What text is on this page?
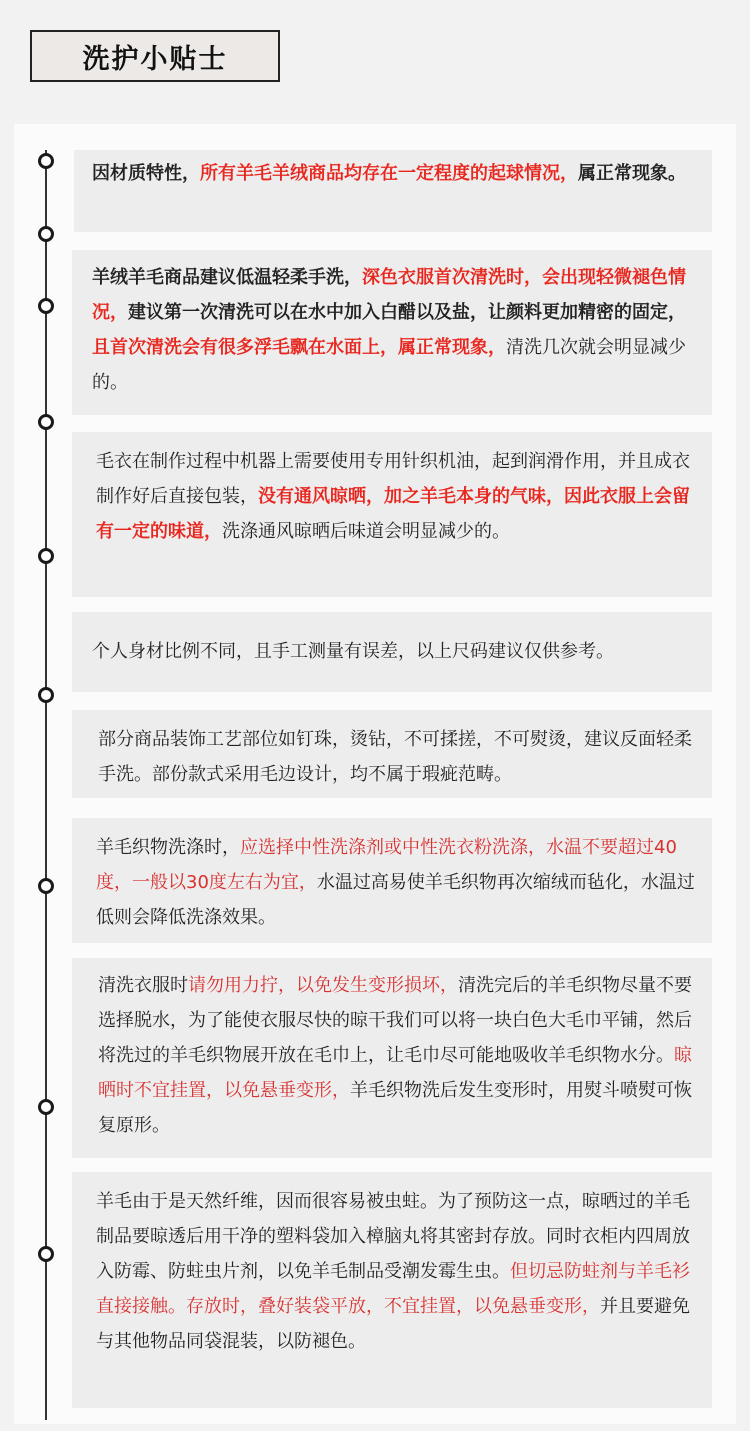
洗护小贴士

因材质特性，所有羊毛羊绒商品均存在一定程度的起球情况，属正常现象。

羊绒羊毛商品建议低温轻柔手洗，深色衣服首次清洗时，会出现轻微褪色情况，建议第一次清洗可以在水中加入白醋以及盐，让颜料更加精密的固定，且首次清洗会有很多浮毛飘在水面上，属正常现象，清洗几次就会明显减少的。

毛衣在制作过程中机器上需要使用专用针织机油，起到润滑作用，并且成衣制作好后直接包装，没有通风晾晒，加之羊毛本身的气味，因此衣服上会留有一定的味道，洗涤通风晾晒后味道会明显减少的。

个人身材比例不同，且手工测量有误差，以上尺码建议仅供参考。

部分商品装饰工艺部位如钉珠，烫钻，不可揉搓，不可熨烫，建议反面轻柔手洗。部份款式采用毛边设计，均不属于瑕疵范畴。

羊毛织物洗涤时，应选择中性洗涤剂或中性洗衣粉洗涤，水温不要超过40度，一般以30度左右为宜，水温过高易使羊毛织物再次缩绒而毡化，水温过低则会降低洗涤效果。

清洗衣服时请勿用力拧，以免发生变形损坏，清洗完后的羊毛织物尽量不要选择脱水，为了能使衣服尽快的晾干我们可以将一块白色大毛巾平铺，然后将洗过的羊毛织物展开放在毛巾上，让毛巾尽可能地吸收羊毛织物水分。晾晒时不宜挂置，以免悬垂变形，羊毛织物洗后发生变形时，用熨斗喷熨可恢复原形。

羊毛由于是天然纤维，因而很容易被虫蛀。为了预防这一点，晾晒过的羊毛制品要晾透后用干净的塑料袋加入樟脑丸将其密封存放。同时衣柜内四周放入防霉、防蛀虫片剂，以免羊毛制品受潮发霉生虫。但切忌防蛀剂与羊毛衫直接接触。存放时，叠好装袋平放，不宜挂置，以免悬垂变形，并且要避免与其他物品同袋混装，以防褪色。
